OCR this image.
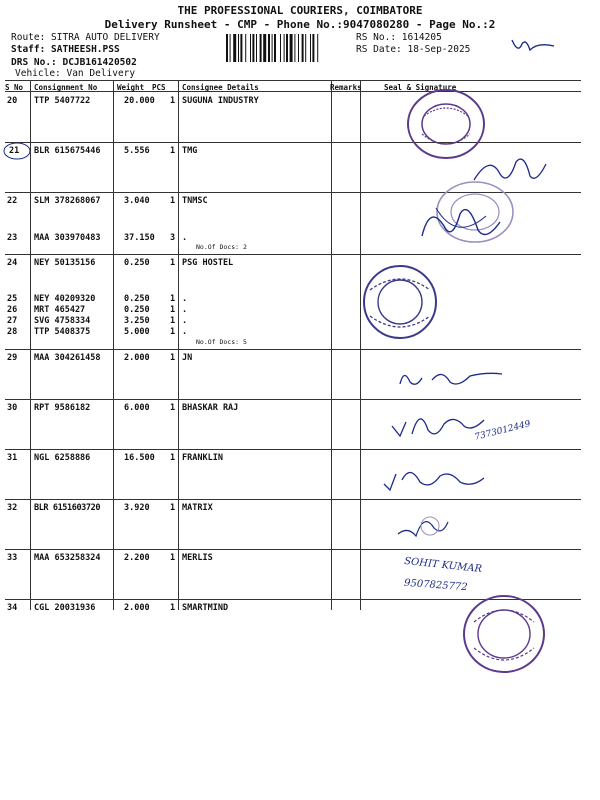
THE PROFESSIONAL COURIERS, COIMBATORE
Delivery Runsheet - CMP - Phone No.:9047080280 - Page No.:2
Route: SITRA AUTO DELIVERY
Staff: SATHEESH.PSS
DRS No.: DCJB161420502
Vehicle: Van Delivery
RS No.: 1614205
RS Date: 18-Sep-2025
S No Consignment No	Weight PCS Consignee Details	Remarks	Seal & Signature
20 TTP 5407722	20.000 1 SUGUNA INDUSTRY
21 BLR 615675446	5.556 1 TMG
22 SLM 378268067	3.040 1 TNMSC
23 MAA 303970483	37.150 3 .
No.Of Docs: 2
24 NEY 50135156	0.250 1 PSG HOSTEL
25 NEY 40209320	0.250 1 .
26 MRT 465427	0.250 1 .
27 SVG 4758334	3.250 1 .
28 TTP 5408375	5.000 1 .
No.Of Docs: 5
29 MAA 304261458	2.000 1 JN
30 RPT 9586182	6.000 1 BHASKAR RAJ
31 NGL 6258886	16.500 1 FRANKLIN
32 BLR 6151603720	3.920 1 MATRIX
33 MAA 653258324	2.200 1 MERLIS
34 CGL 20031936	2.000 1 SMARTMIND
7373012449
SOHIT KUMAR
9507825772
